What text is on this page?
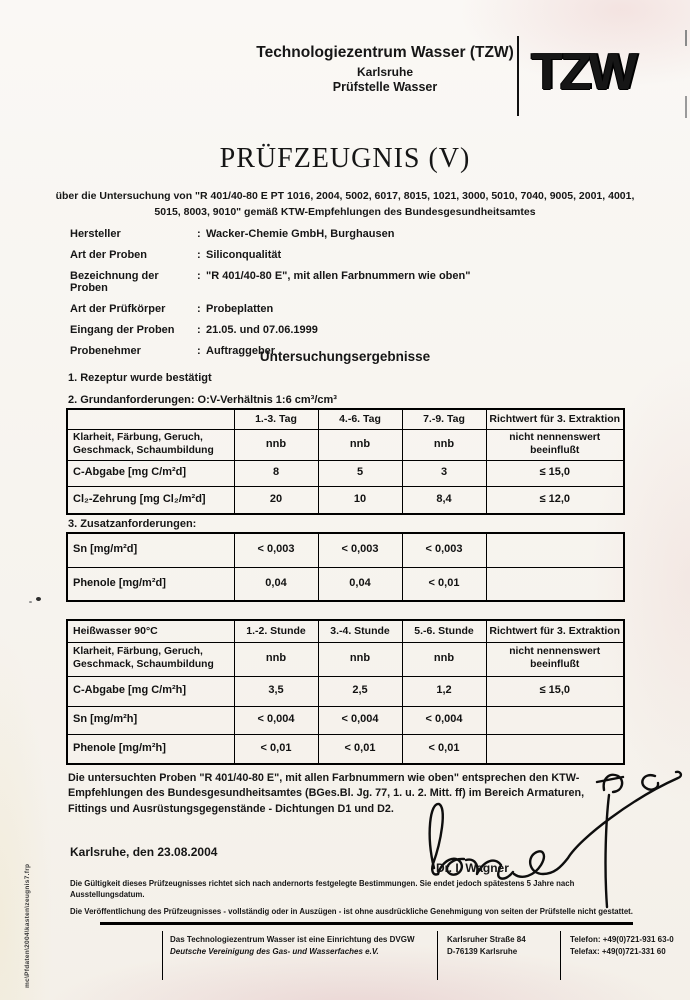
Technologiezentrum Wasser (TZW)
Karlsruhe
Prüfstelle Wasser	TZW
PRÜFZEUGNIS (V)
über die Untersuchung von "R 401/40-80 E PT 1016, 2004, 5002, 6017, 8015, 1021, 3000, 5010, 7040, 9005, 2001, 4001, 5015, 8003, 9010" gemäß KTW-Empfehlungen des Bundesgesundheitsamtes
Hersteller	: Wacker-Chemie GmbH, Burghausen
Art der Proben	: Siliconqualität
Bezeichnung der Proben
: "R 401/40-80 E", mit allen Farbnummern wie oben"
Art der Prüfkörper	: Probeplatten
Eingang der Proben	: 21.05. und 07.06.1999
Probenehmer	: Auftraggeber
Untersuchungsergebnisse
1. Rezeptur wurde bestätigt
2. Grundanforderungen: O:V-Verhältnis 1:6 cm³/cm³
	1.-3. Tag	4.-6. Tag	7.-9. Tag	Richtwert für 3. Extraktion
Klarheit, Färbung, Geruch, Geschmack, Schaumbildung	nnb	nnb	nnb	nicht nennenswert beeinflußt
C-Abgabe [mg C/m²d]	8	5	3	≤ 15,0
Cl₂-Zehrung [mg Cl₂/m²d]	20	10	8,4	≤ 12,0
3. Zusatzanforderungen:
Sn [mg/m²d]	< 0,003	< 0,003	< 0,003	
Phenole [mg/m²d]	0,04	0,04	< 0,01	
Heißwasser 90°C	1.-2. Stunde	3.-4. Stunde	5.-6. Stunde	Richtwert für 3. Extraktion
Klarheit, Färbung, Geruch, Geschmack, Schaumbildung	nnb	nnb	nnb	nicht nennenswert beeinflußt
C-Abgabe [mg C/m²h]	3,5	2,5	1,2	≤ 15,0
Sn [mg/m²h]	< 0,004	< 0,004	< 0,004	
Phenole [mg/m²h]	< 0,01	< 0,01	< 0,01	
Die untersuchten Proben "R 401/40-80 E", mit allen Farbnummern wie oben" entsprechen den KTW-Empfehlungen des Bundesgesundheitsamtes (BGes.Bl. Jg. 77, 1. u. 2. Mitt. ff) im Bereich Armaturen, Fittings und Ausrüstungsgegenstände - Dichtungen D1 und D2.
Karlsruhe, den 23.08.2004
Dr. I. Wagner
Die Gültigkeit dieses Prüfzeugnisses richtet sich nach andernorts festgelegte Bestimmungen. Sie endet jedoch spätestens 5 Jahre nach Ausstellungsdatum.
Die Veröffentlichung des Prüfzeugnisses - vollständig oder in Auszügen - ist ohne ausdrückliche Genehmigung von seiten der Prüfstelle nicht gestattet.
Das Technologiezentrum Wasser ist eine Einrichtung des DVGW
Deutsche Vereinigung des Gas- und Wasserfaches e.V.
Karlsruher Straße 84
D-76139 Karlsruhe
Telefon: +49(0)721-931 63-0
Telefax: +49(0)721-331 60
mc\Pfdaten\2004\kasten\zeugnis7.frp
